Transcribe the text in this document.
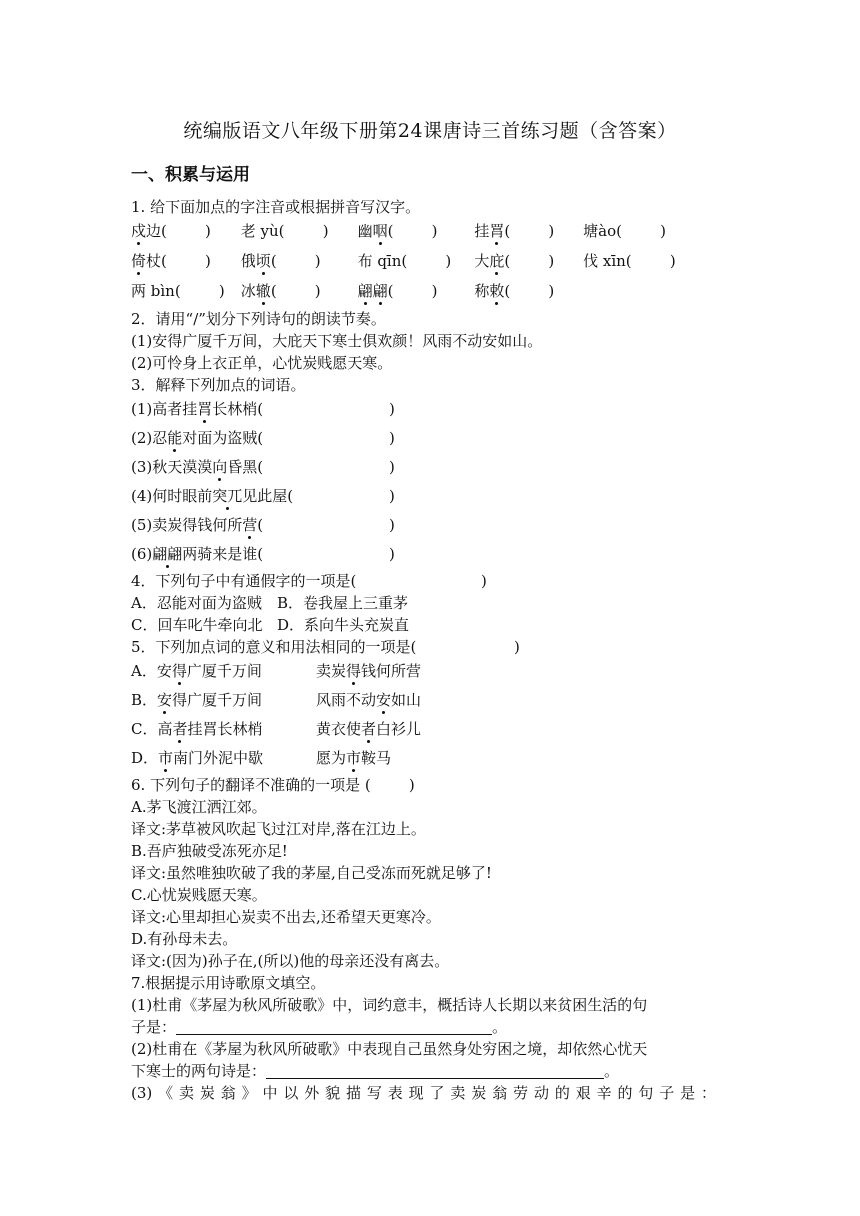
统编版语文八年级下册第24课唐诗三首练习题（含答案）
一、积累与运用
1. 给下面加点的字注音或根据拼音写汉字。
戍边(        ) 老 yù(        ) 幽咽(        ) 挂罥(        ) 塘ào(        )
倚杖(        ) 俄顷(        ) 布 qīn(        ) 大庇(        ) 伐 xīn(        )
两 bìn(        ) 冰辙(        ) 翩翩(        ) 称敕(        )
2．请用“/”划分下列诗句的朗读节奏。
(1)安得广厦千万间，大庇天下寒士俱欢颜！风雨不动安如山。
(2)可怜身上衣正单，心忧炭贱愿天寒。
3．解释下列加点的词语。
(1)高者挂罥长林梢(	)
(2)忍能对面为盗贼(	)
(3)秋天漠漠向昏黑(	)
(4)何时眼前突兀见此屋(	)
(5)卖炭得钱何所营(	)
(6)翩翩两骑来是谁(	)
4．下列句子中有通假字的一项是(	)
A．忍能对面为盗贼 B．卷我屋上三重茅
C．回车叱牛牵向北 D．系向牛头充炭直
5．下列加点词的意义和用法相同的一项是(	)
A．安得广厦千万间	卖炭得钱何所营
B．安得广厦千万间	风雨不动安如山
C．高者挂罥长林梢	黄衣使者白衫儿
D．市南门外泥中歇	愿为市鞍马
6. 下列句子的翻译不准确的一项是 (        )
A.茅飞渡江洒江郊。
译文:茅草被风吹起飞过江对岸,落在江边上。
B.吾庐独破受冻死亦足!
译文:虽然唯独吹破了我的茅屋,自己受冻而死就足够了!
C.心忧炭贱愿天寒。
译文:心里却担心炭卖不出去,还希望天更寒冷。
D.有孙母未去。
译文:(因为)孙子在,(所以)他的母亲还没有离去。
7.根据提示用诗歌原文填空。
(1)杜甫《茅屋为秋风所破歌》中，词约意丰，概括诗人长期以来贫困生活的句
子是：	。
(2)杜甫在《茅屋为秋风所破歌》中表现自己虽然身处穷困之境，却依然心忧天
下寒士的两句诗是：	。
(3)《卖炭翁》中以外貌描写表现了卖炭翁劳动的艰辛的句子是：
